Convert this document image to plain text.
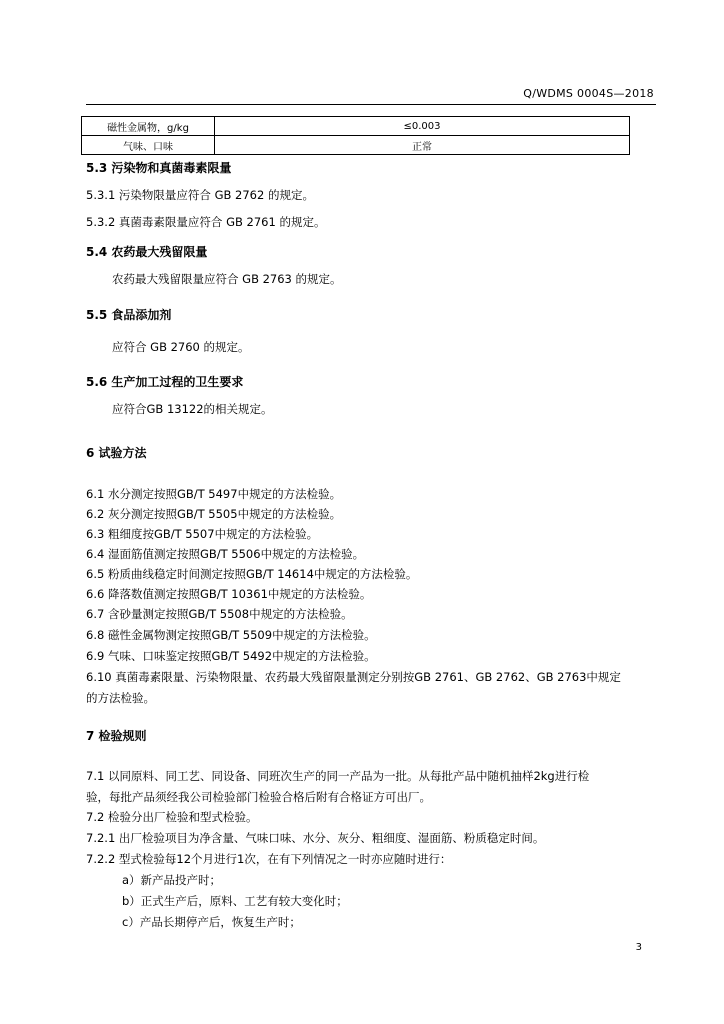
Q/WDMS 0004S—2018
磁性金属物，g/kg	≤0.003
气味、口味	正常
5.3 污染物和真菌毒素限量
5.3.1 污染物限量应符合 GB 2762 的规定。
5.3.2 真菌毒素限量应符合 GB 2761 的规定。
5.4 农药最大残留限量
农药最大残留限量应符合 GB 2763 的规定。
5.5 食品添加剂
应符合 GB 2760 的规定。
5.6 生产加工过程的卫生要求
应符合GB 13122的相关规定。
6 试验方法
6.1 水分测定按照GB/T 5497中规定的方法检验。
6.2 灰分测定按照GB/T 5505中规定的方法检验。
6.3 粗细度按GB/T 5507中规定的方法检验。
6.4 湿面筋值测定按照GB/T 5506中规定的方法检验。
6.5 粉质曲线稳定时间测定按照GB/T 14614中规定的方法检验。
6.6 降落数值测定按照GB/T 10361中规定的方法检验。
6.7 含砂量测定按照GB/T 5508中规定的方法检验。
6.8 磁性金属物测定按照GB/T 5509中规定的方法检验。
6.9 气味、口味鉴定按照GB/T 5492中规定的方法检验。
6.10 真菌毒素限量、污染物限量、农药最大残留限量测定分别按GB 2761、GB 2762、GB 2763中规定
的方法检验。
7 检验规则
7.1 以同原料、同工艺、同设备、同班次生产的同一产品为一批。从每批产品中随机抽样2kg进行检
验，每批产品须经我公司检验部门检验合格后附有合格证方可出厂。
7.2 检验分出厂检验和型式检验。
7.2.1 出厂检验项目为净含量、气味口味、水分、灰分、粗细度、湿面筋、粉质稳定时间。
7.2.2 型式检验每12个月进行1次，在有下列情况之一时亦应随时进行：
a）新产品投产时；
b）正式生产后，原料、工艺有较大变化时；
c）产品长期停产后，恢复生产时；
3
